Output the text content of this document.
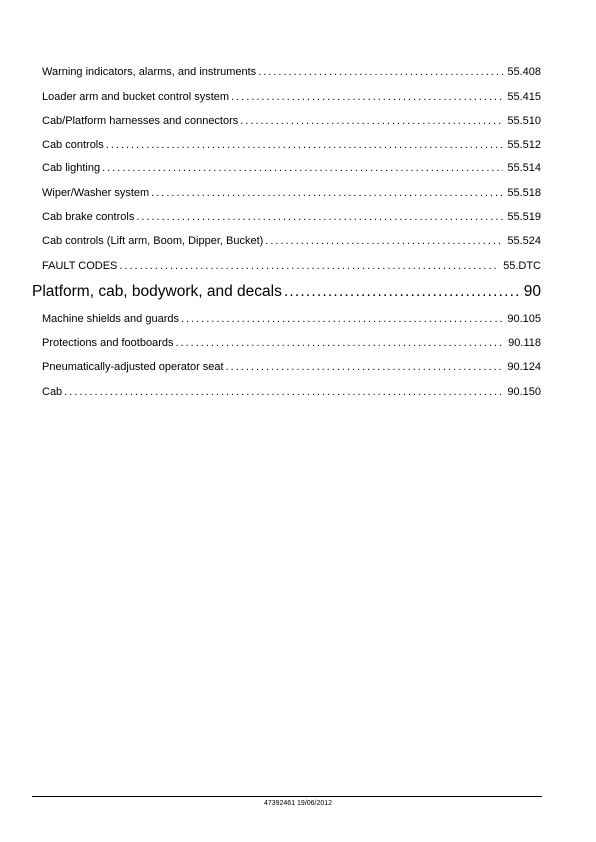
Warning indicators, alarms, and instruments .....	55.408
Loader arm and bucket control system .....	55.415
Cab/Platform harnesses and connectors .....	55.510
Cab controls .....	55.512
Cab lighting .....	55.514
Wiper/Washer system .....	55.518
Cab brake controls .....	55.519
Cab controls (Lift arm, Boom, Dipper, Bucket) .....	55.524
FAULT CODES .....	55.DTC
Platform, cab, bodywork, and decals .....	90
Machine shields and guards .....	90.105
Protections and footboards .....	90.118
Pneumatically-adjusted operator seat .....	90.124
Cab .....	90.150
47392461 19/06/2012
